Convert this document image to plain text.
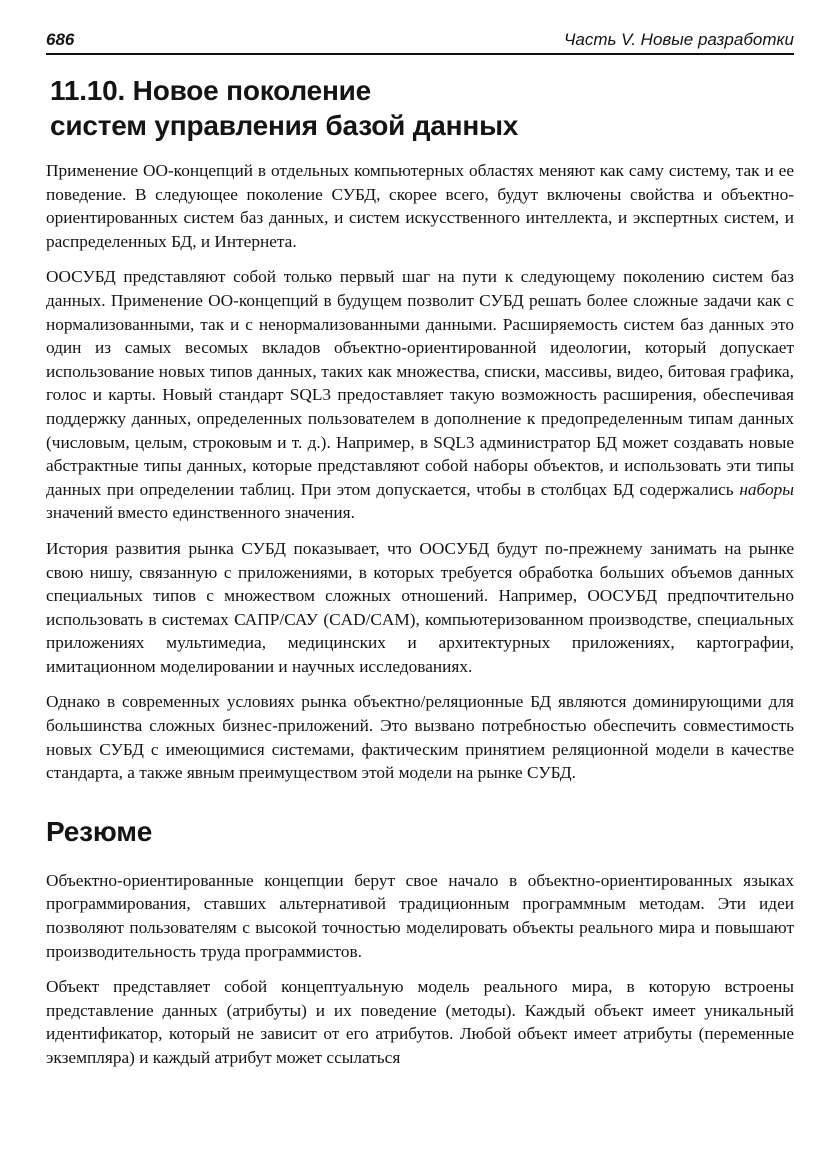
686	Часть V. Новые разработки
11.10. Новое поколение
систем управления базой данных

Применение ОО-концепций в отдельных компьютерных областях меняют как саму систему, так и ее поведение. В следующее поколение СУБД, скорее всего, будут включены свойства и объектно-ориентированных систем баз данных, и систем искусственного интеллекта, и экспертных систем, и распределенных БД, и Интернета.

ООСУБД представляют собой только первый шаг на пути к следующему поколению систем баз данных. Применение ОО-концепций в будущем позволит СУБД решать более сложные задачи как с нормализованными, так и с ненормализованными данными. Расширяемость систем баз данных это один из самых весомых вкладов объектно-ориентированной идеологии, который допускает использование новых типов данных, таких как множества, списки, массивы, видео, битовая графика, голос и карты. Новый стандарт SQL3 предоставляет такую возможность расширения, обеспечивая поддержку данных, определенных пользователем в дополнение к предопределенным типам данных (числовым, целым, строковым и т. д.). Например, в SQL3 администратор БД может создавать новые абстрактные типы данных, которые представляют собой наборы объектов, и использовать эти типы данных при определении таблиц. При этом допускается, чтобы в столбцах БД содержались наборы значений вместо единственного значения.

История развития рынка СУБД показывает, что ООСУБД будут по-прежнему занимать на рынке свою нишу, связанную с приложениями, в которых требуется обработка больших объемов данных специальных типов с множеством сложных отношений. Например, ООСУБД предпочтительно использовать в системах САПР/САУ (CAD/CAM), компьютеризованном производстве, специальных приложениях мультимедиа, медицинских и архитектурных приложениях, картографии, имитационном моделировании и научных исследованиях.

Однако в современных условиях рынка объектно/реляционные БД являются доминирующими для большинства сложных бизнес-приложений. Это вызвано потребностью обеспечить совместимость новых СУБД с имеющимися системами, фактическим принятием реляционной модели в качестве стандарта, а также явным преимуществом этой модели на рынке СУБД.

Резюме

Объектно-ориентированные концепции берут свое начало в объектно-ориентированных языках программирования, ставших альтернативой традиционным программным методам. Эти идеи позволяют пользователям с высокой точностью моделировать объекты реального мира и повышают производительность труда программистов.

Объект представляет собой концептуальную модель реального мира, в которую встроены представление данных (атрибуты) и их поведение (методы). Каждый объект имеет уникальный идентификатор, который не зависит от его атрибутов. Любой объект имеет атрибуты (переменные экземпляра) и каждый атрибут может ссылаться
